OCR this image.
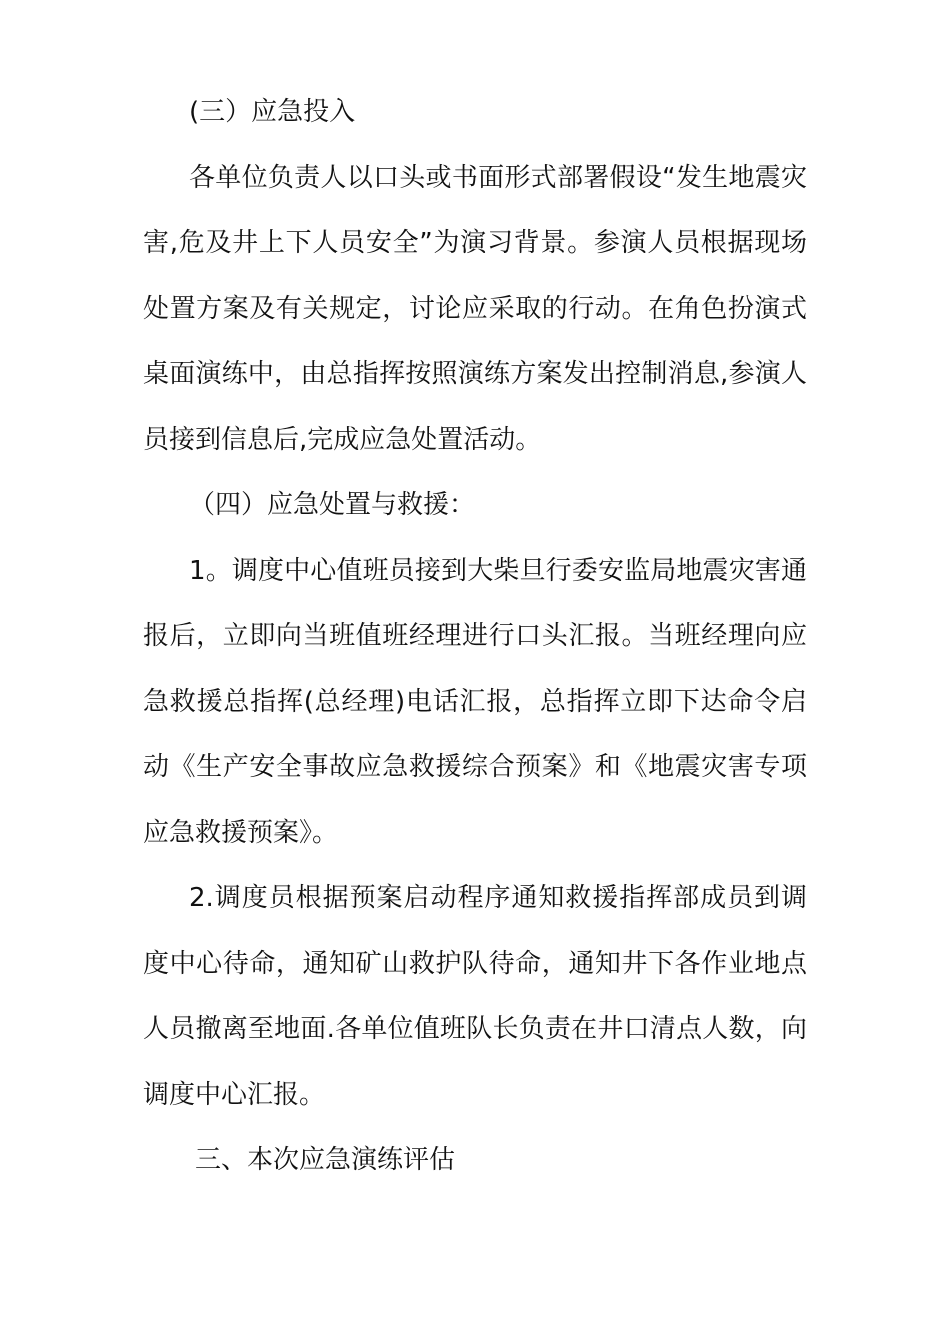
(三）应急投入

各单位负责人以口头或书面形式部署假设“发生地震灾害,危及井上下人员安全”为演习背景。参演人员根据现场处置方案及有关规定，讨论应采取的行动。在角色扮演式桌面演练中，由总指挥按照演练方案发出控制消息,参演人员接到信息后,完成应急处置活动。

（四）应急处置与救援：

1。调度中心值班员接到大柴旦行委安监局地震灾害通报后，立即向当班值班经理进行口头汇报。当班经理向应急救援总指挥(总经理)电话汇报，总指挥立即下达命令启动《生产安全事故应急救援综合预案》和《地震灾害专项应急救援预案》。

2.调度员根据预案启动程序通知救援指挥部成员到调度中心待命，通知矿山救护队待命，通知井下各作业地点人员撤离至地面.各单位值班队长负责在井口清点人数，向调度中心汇报。

三、本次应急演练评估
